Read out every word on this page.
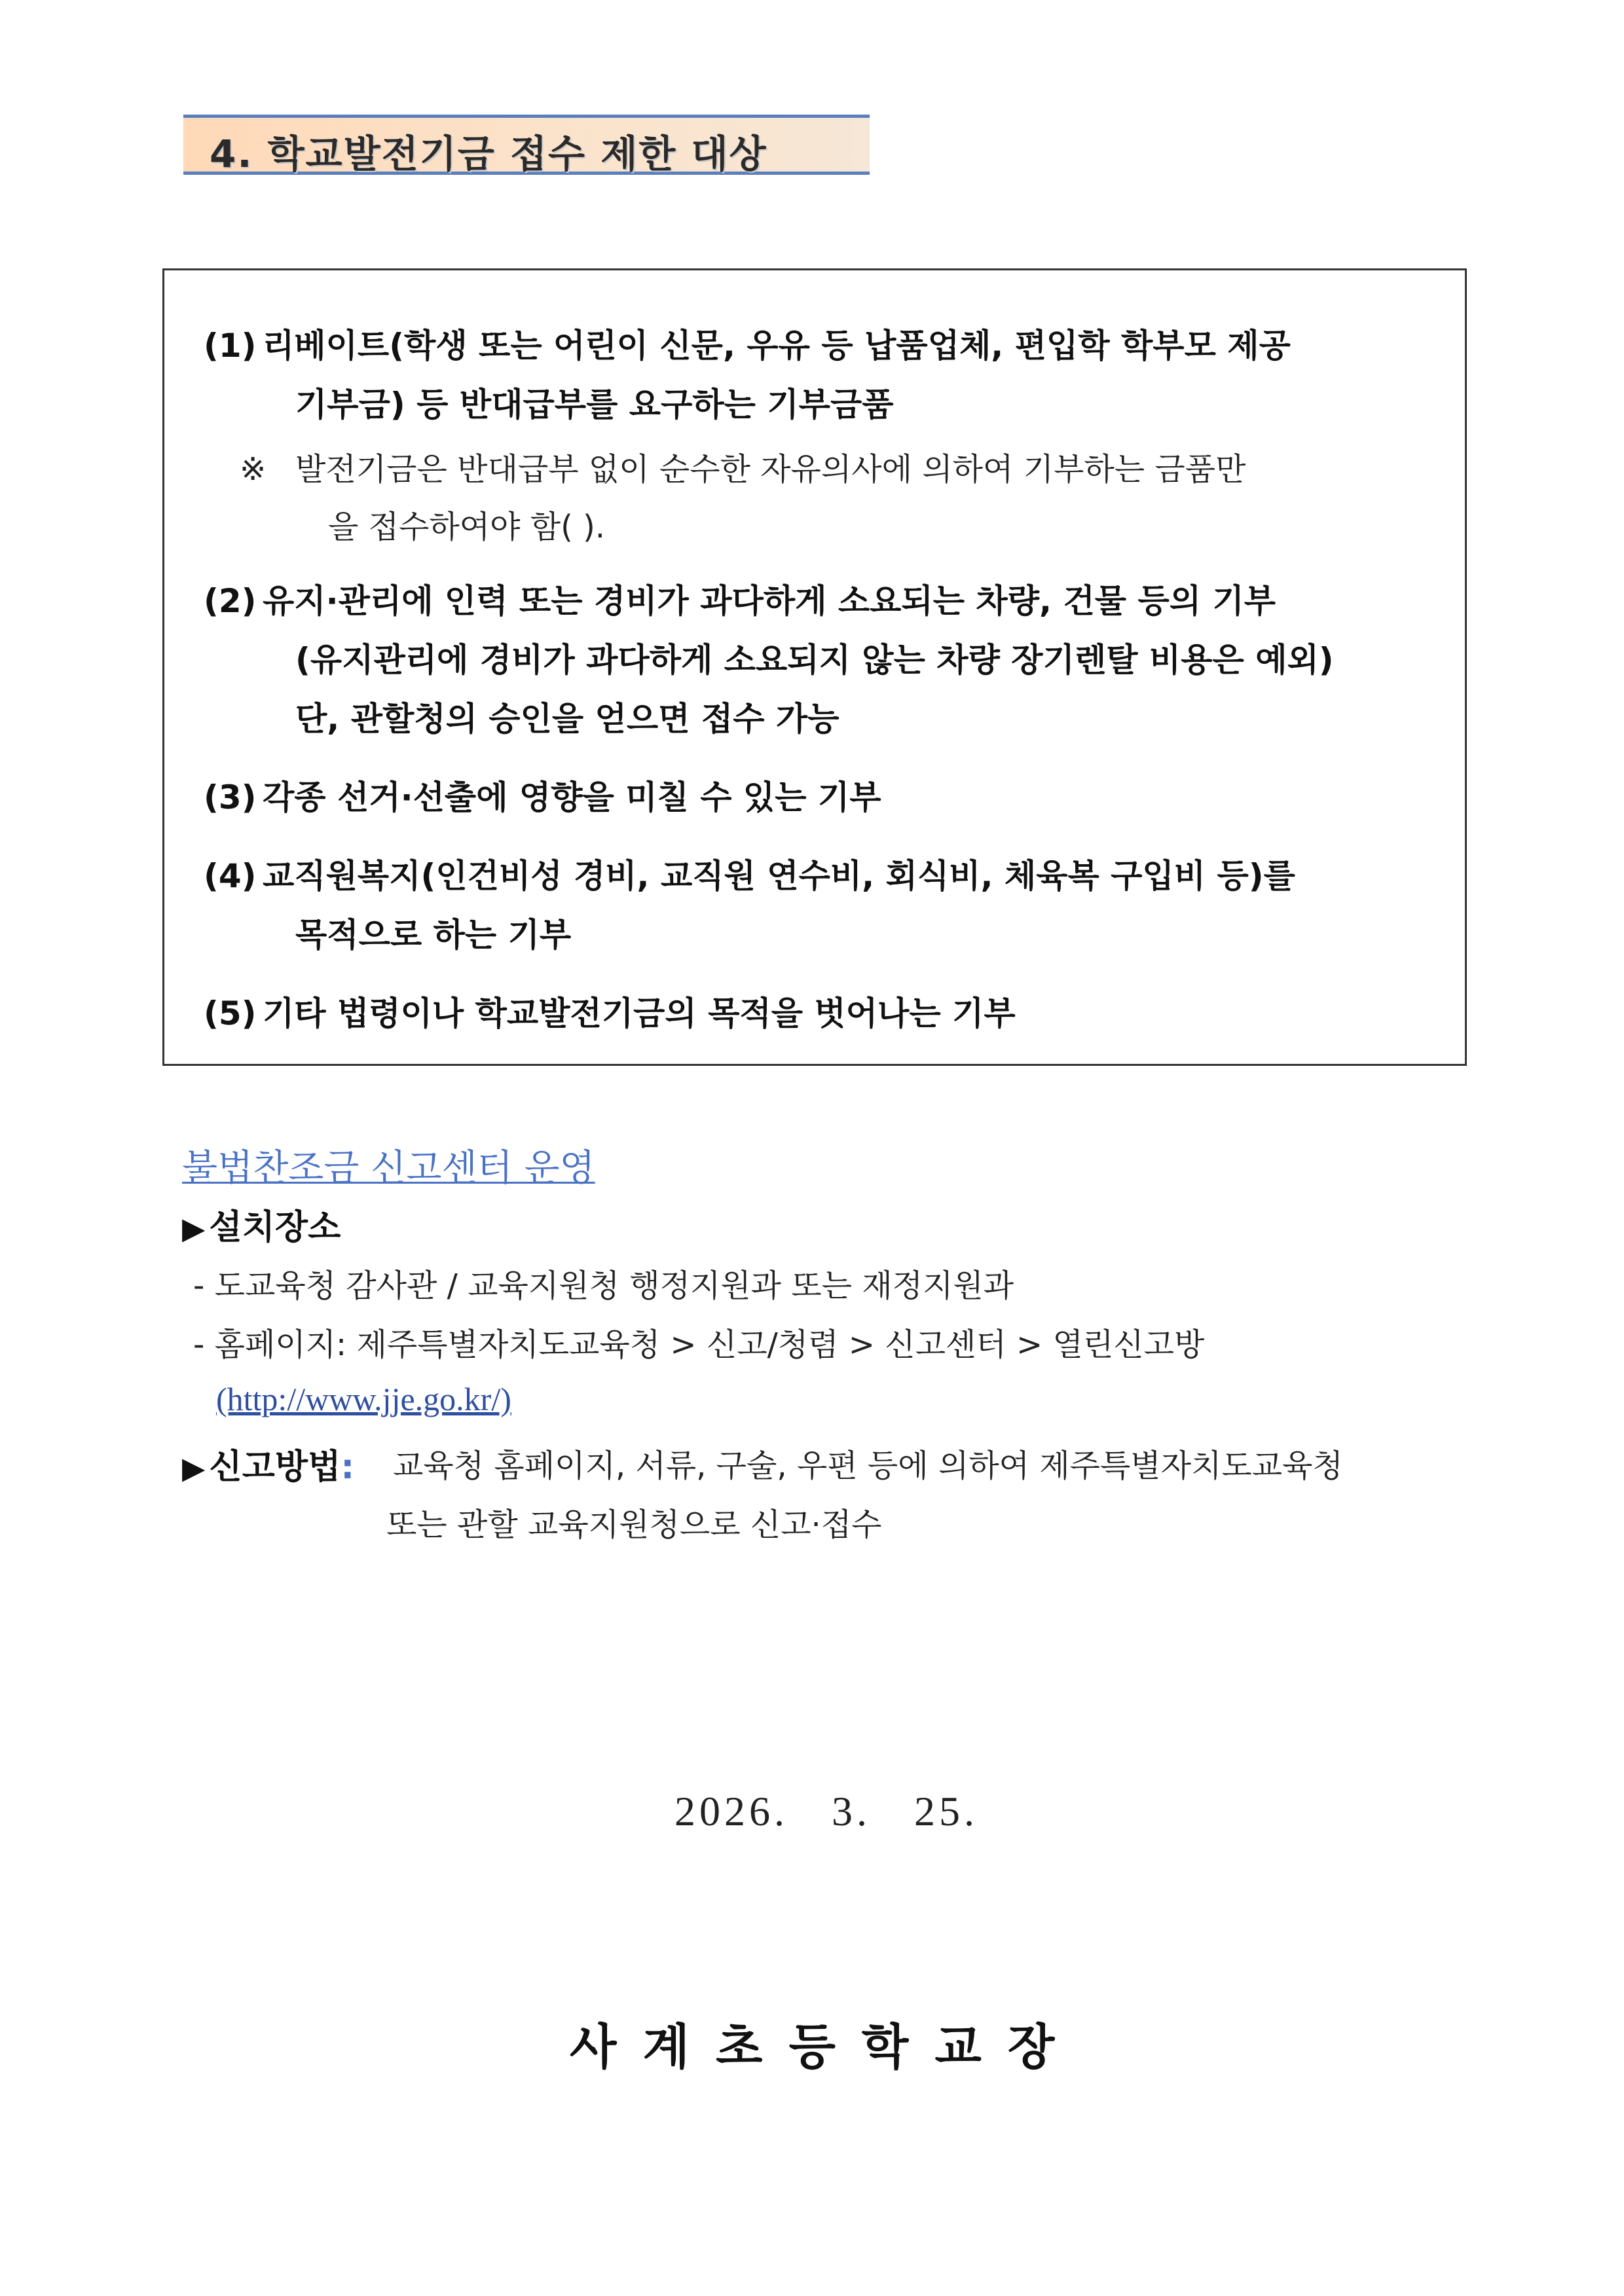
4. 학교발전기금 접수 제한 대상
(1) 리베이트(학생 또는 어린이 신문, 우유 등 납품업체, 편입학 학부모 제공
기부금) 등 반대급부를 요구하는 기부금품
※ 발전기금은 반대급부 없이 순수한 자유의사에 의하여 기부하는 금품만
을 접수하여야 함( ).
(2) 유지·관리에 인력 또는 경비가 과다하게 소요되는 차량, 건물 등의 기부
(유지관리에 경비가 과다하게 소요되지 않는 차량 장기렌탈 비용은 예외)
단, 관할청의 승인을 얻으면 접수 가능
(3) 각종 선거·선출에 영향을 미칠 수 있는 기부
(4) 교직원복지(인건비성 경비, 교직원 연수비, 회식비, 체육복 구입비 등)를
목적으로 하는 기부
(5) 기타 법령이나 학교발전기금의 목적을 벗어나는 기부
불법찬조금 신고센터 운영
▶ 설치장소
- 도교육청 감사관 / 교육지원청 행정지원과 또는 재정지원과
- 홈페이지: 제주특별자치도교육청 > 신고/청렴 > 신고센터 > 열린신고방
(http://www.jje.go.kr/)
▶ 신고방법: 교육청 홈페이지, 서류, 구술, 우편 등에 의하여 제주특별자치도교육청
또는 관할 교육지원청으로 신고·접수
2026.   3.   25.
사계초등학교장
